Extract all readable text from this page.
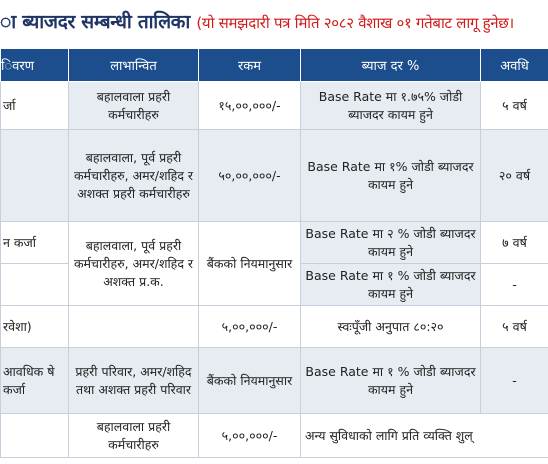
ा ब्याजदर सम्बन्धी तालिका (यो समझदारी पत्र मिति २०८२ वैशाख ०१ गतेबाट लागू हुनेछ।
िवरण	लाभान्वित	रकम	ब्याज दर %	अवधि
र्जा	बहालवाला प्रहरी कर्मचारीहरु	१५,००,०००/-	Base Rate मा १.७५% जोडी ब्याजदर कायम हुने	५ वर्ष
	बहालवाला, पूर्व प्रहरी कर्मचारीहरु, अमर/शहिद र अशक्त प्रहरी कर्मचारीहरु	५०,००,०००/-	Base Rate मा १% जोडी ब्याजदर कायम हुने	२० वर्ष
न कर्जा	बहालवाला, पूर्व प्रहरी कर्मचारीहरु, अमर/शहिद र अशक्त प्र.क.	बैंकको नियमानुसार	Base Rate मा २ % जोडी ब्याजदर कायम हुने	७ वर्ष
			Base Rate मा १ % जोडी ब्याजदर कायम हुने	-
रवेशा)		५,००,०००/-	स्वःपूँजी अनुपात ८०:२०	५ वर्ष
आवधिक षे कर्जा	प्रहरी परिवार, अमर/शहिद तथा अशक्त प्रहरी परिवार	बैंकको नियमानुसार	Base Rate मा १ % जोडी ब्याजदर कायम हुने	-
	बहालवाला प्रहरी कर्मचारीहरु	५,००,०००/-	अन्य सुविधाको लागि प्रति व्यक्ति शुल्	
